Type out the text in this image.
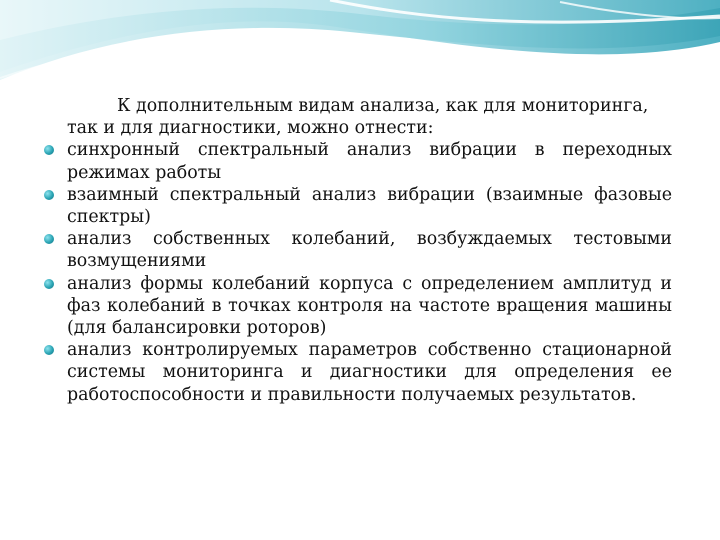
К дополнительным видам анализа, как для мониторинга, так и для диагностики, можно отнести:

синхронный спектральный анализ вибрации в переходных режимах работы
взаимный спектральный анализ вибрации (взаимные фазовые спектры)
анализ собственных колебаний, возбуждаемых тестовыми возмущениями
анализ формы колебаний корпуса с определением амплитуд и фаз колебаний в точках контроля на частоте вращения машины (для балансировки роторов)
анализ контролируемых параметров собственно стационарной системы мониторинга и диагностики для определения ее работоспособности и правильности получаемых результатов.
